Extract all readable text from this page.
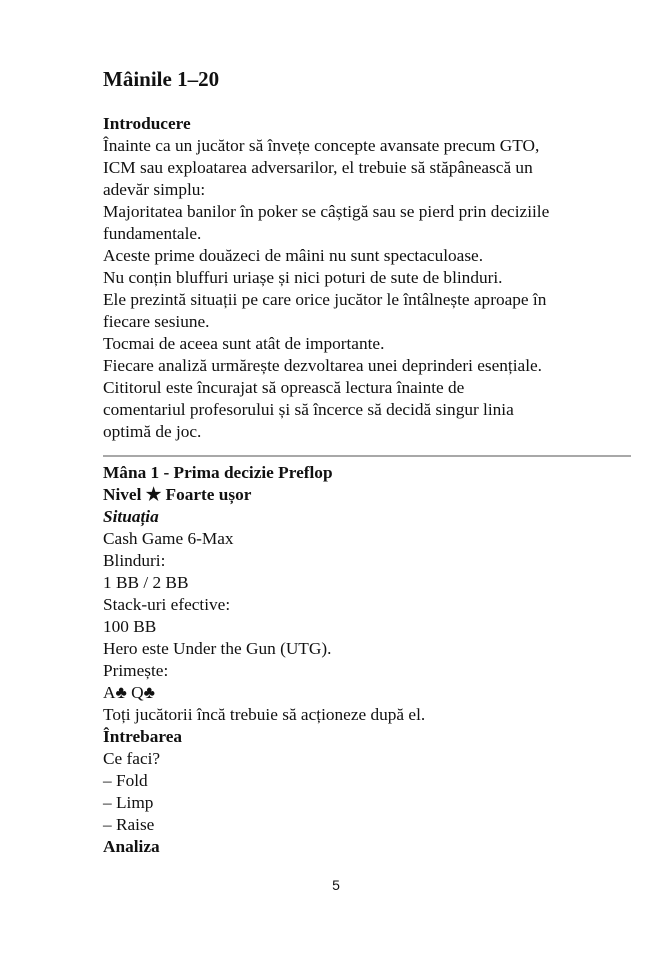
Mâinile 1–20
Introducere
Înainte ca un jucător să învețe concepte avansate precum GTO,
ICM sau exploatarea adversarilor, el trebuie să stăpânească un
adevăr simplu:
Majoritatea banilor în poker se câștigă sau se pierd prin deciziile
fundamentale.
Aceste prime douăzeci de mâini nu sunt spectaculoase.
Nu conțin bluffuri uriașe și nici poturi de sute de blinduri.
Ele prezintă situații pe care orice jucător le întâlnește aproape în
fiecare sesiune.
Tocmai de aceea sunt atât de importante.
Fiecare analiză urmărește dezvoltarea unei deprinderi esențiale.
Cititorul este încurajat să oprească lectura înainte de
comentariul profesorului și să încerce să decidă singur linia
optimă de joc.
Mâna 1 - Prima decizie Preflop
Nivel ★ Foarte ușor
Situația
Cash Game 6-Max
Blinduri:
1 BB / 2 BB
Stack-uri efective:
100 BB
Hero este Under the Gun (UTG).
Primește:
A♣ Q♣
Toți jucătorii încă trebuie să acționeze după el.
Întrebarea
Ce faci?
– Fold
– Limp
– Raise
Analiza
5
